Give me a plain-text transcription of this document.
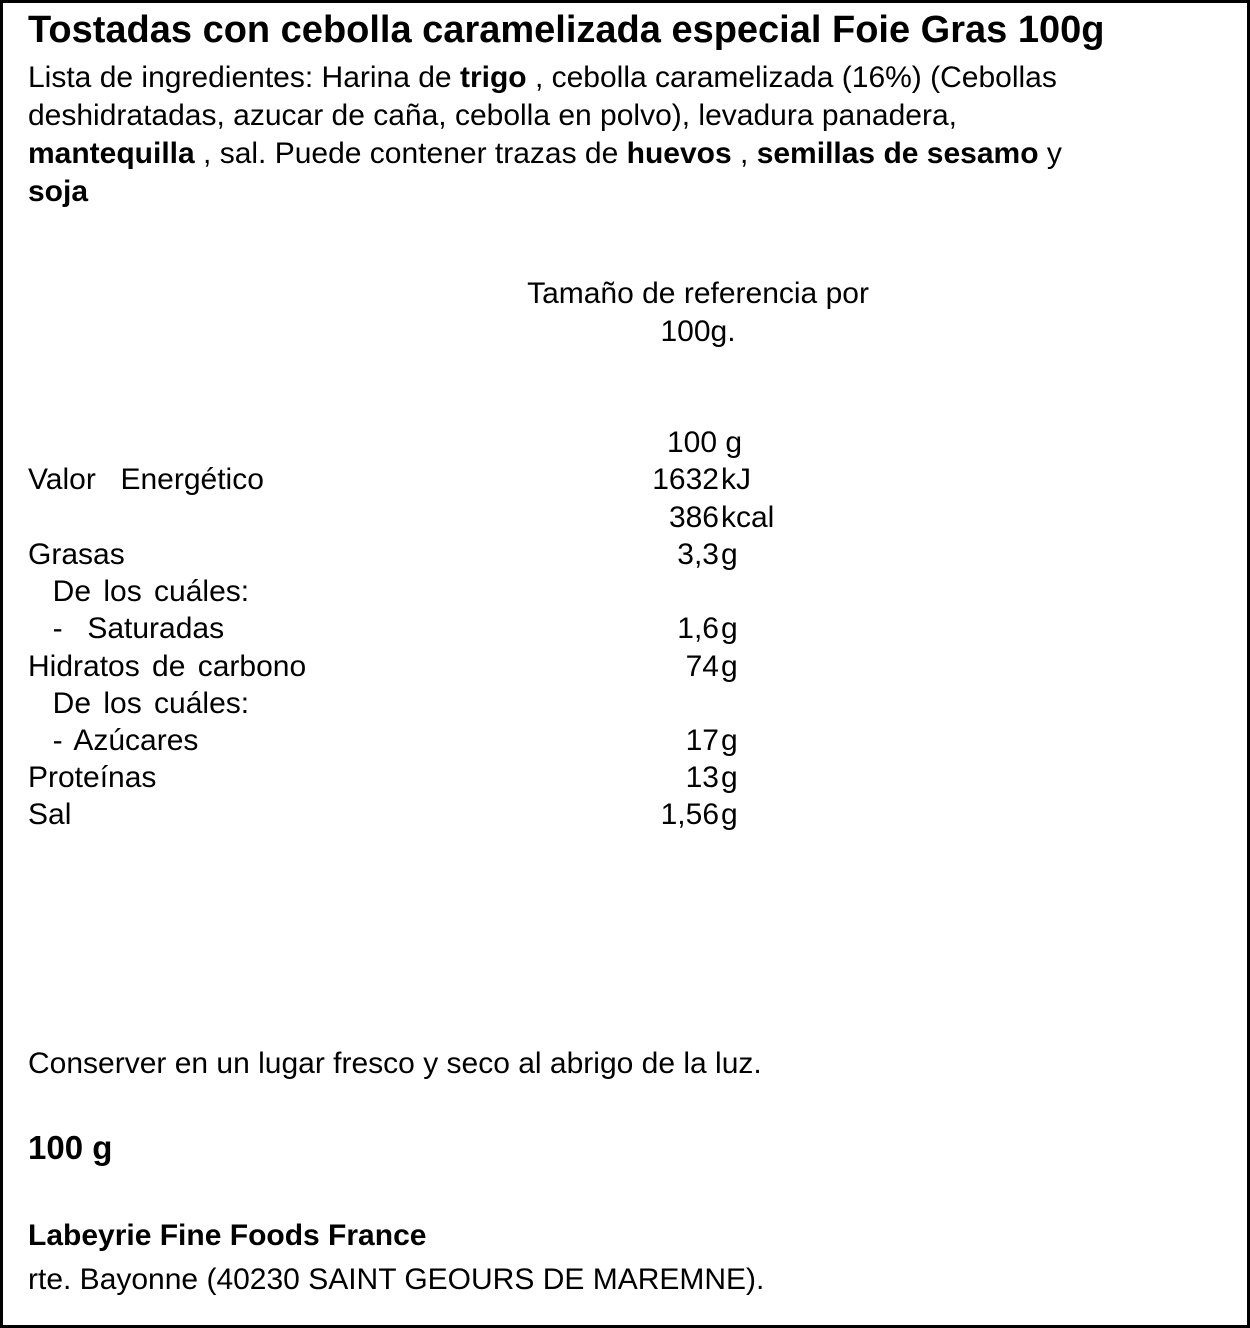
Tostadas con cebolla caramelizada especial Foie Gras 100g
Lista de ingredientes: Harina de trigo , cebolla caramelizada (16%) (Cebollas
deshidratadas, azucar de caña, cebolla en polvo), levadura panadera,
mantequilla , sal. Puede contener trazas de huevos , semillas de sesamo y
soja
Tamaño de referencia por
100g.
100 g
Valor  Energético	1632 kJ
386 kcal
Grasas	3,3 g
De los cuáles:
-  Saturadas	1,6 g
Hidratos de carbono	74 g
De los cuáles:
- Azúcares	17 g
Proteínas	13 g
Sal	1,56 g
Conserver en un lugar fresco y seco al abrigo de la luz.
100 g
Labeyrie Fine Foods France
rte. Bayonne (40230 SAINT GEOURS DE MAREMNE).
